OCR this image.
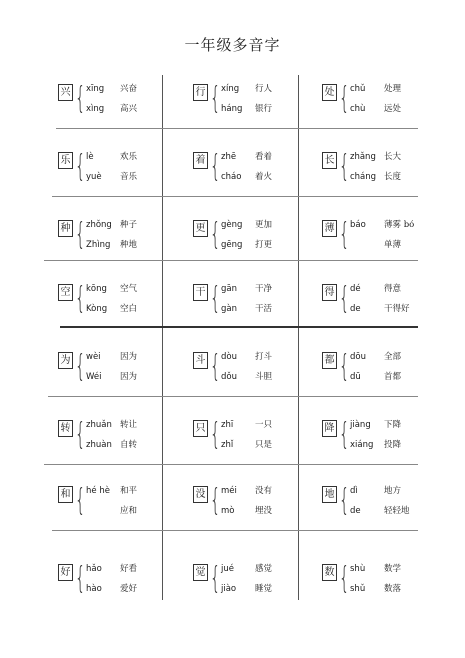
一年级多音字
兴 { xīng 兴奋
xìng 高兴
行 { xíng 行人
háng 银行
处 { chǔ 处理
chù 远处
乐 { lè	欢乐
yuè 音乐
着 { zhē 看着
cháo 着火
长 { zhǎng 长大
cháng 长度
种 { zhǒng 种子
Zhìng 种地
更 { gèng 更加
gēng 打更
薄 { báo 薄雾 bó
单薄
空 { kōng 空气
Kòng 空白
干 { gān 干净
gàn 干活
得 { dé	得意
de	干得好
为 { wèi 因为
Wéi 因为
斗 { dòu 打斗
dǒu 斗胆
都 { dōu 全部
dū	首都
转 { zhuǎn 转让
zhuàn 自转
只 { zhī	一只
zhǐ	只是
降 { jiàng 下降
xiáng 投降
和 { hé hè 和平
应和
没 { méi 没有
mò 埋没
地 { dì	地方
de	轻轻地
好 { hǎo 好看
hào 爱好
觉 { jué 感觉
jiào 睡觉
数 { shù 数学
shǔ 数落
